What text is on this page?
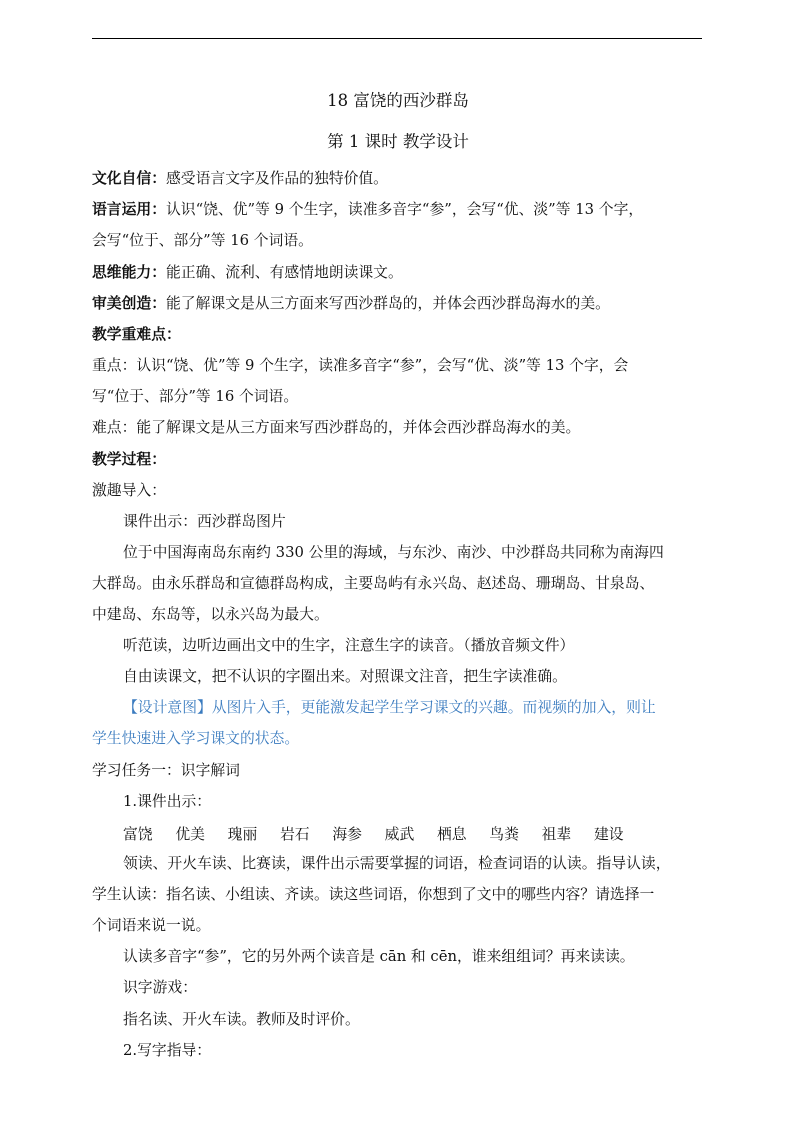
18 富饶的西沙群岛
第 1 课时 教学设计
文化自信：感受语言文字及作品的独特价值。
语言运用：认识“饶、优”等 9 个生字，读准多音字“参”，会写“优、淡”等 13 个字，
会写“位于、部分”等 16 个词语。
思维能力：能正确、流利、有感情地朗读课文。
审美创造：能了解课文是从三方面来写西沙群岛的，并体会西沙群岛海水的美。
教学重难点：
重点：认识“饶、优”等 9 个生字，读准多音字“参”，会写“优、淡”等 13 个字，会
写“位于、部分”等 16 个词语。
难点：能了解课文是从三方面来写西沙群岛的，并体会西沙群岛海水的美。
教学过程：
激趣导入：
课件出示：西沙群岛图片
位于中国海南岛东南约 330 公里的海域，与东沙、南沙、中沙群岛共同称为南海四
大群岛。由永乐群岛和宣德群岛构成，主要岛屿有永兴岛、赵述岛、珊瑚岛、甘泉岛、
中建岛、东岛等，以永兴岛为最大。
听范读，边听边画出文中的生字，注意生字的读音。（播放音频文件）
自由读课文，把不认识的字圈出来。对照课文注音，把生字读准确。
【设计意图】从图片入手，更能激发起学生学习课文的兴趣。而视频的加入，则让
学生快速进入学习课文的状态。
学习任务一：识字解词
1.课件出示：
富饶 优美 瑰丽 岩石 海参 威武 栖息 鸟粪 祖辈 建设
领读、开火车读、比赛读，课件出示需要掌握的词语，检查词语的认读。指导认读，
学生认读：指名读、小组读、齐读。读这些词语，你想到了文中的哪些内容？请选择一
个词语来说一说。
认读多音字“参”，它的另外两个读音是 cān 和 cēn，谁来组组词？再来读读。
识字游戏：
指名读、开火车读。教师及时评价。
2.写字指导：
